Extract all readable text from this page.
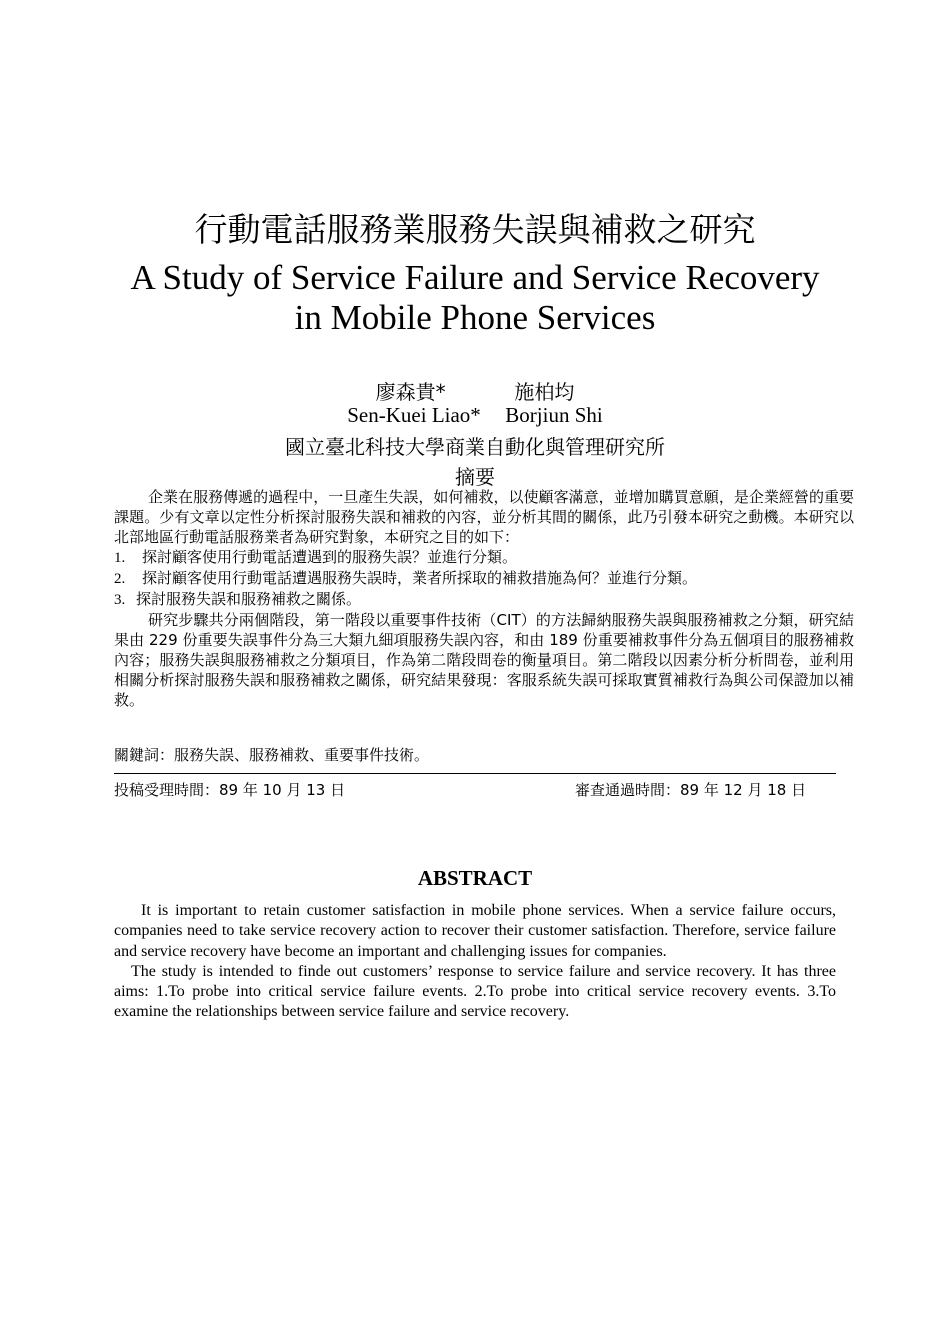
行動電話服務業服務失誤與補救之研究
A Study of Service Failure and Service Recovery
in Mobile Phone Services
廖森貴*	施柏均
Sen-Kuei Liao* Borjiun Shi
國立臺北科技大學商業自動化與管理研究所
摘要

企業在服務傳遞的過程中，一旦產生失誤，如何補救，以使顧客滿意，並增加購買意願，是企業經營的重要課題。少有文章以定性分析探討服務失誤和補救的內容，並分析其間的關係，此乃引發本研究之動機。本研究以北部地區行動電話服務業者為研究對象，本研究之目的如下：

1. 探討顧客使用行動電話遭遇到的服務失誤？並進行分類。
2. 探討顧客使用行動電話遭遇服務失誤時，業者所採取的補救措施為何？並進行分類。
3. 探討服務失誤和服務補救之關係。

研究步驟共分兩個階段，第一階段以重要事件技術（CIT）的方法歸納服務失誤與服務補救之分類，研究結果由 229 份重要失誤事件分為三大類九細項服務失誤內容，和由 189 份重要補救事件分為五個項目的服務補救內容；服務失誤與服務補救之分類項目，作為第二階段問卷的衡量項目。第二階段以因素分析分析問卷，並利用相關分析探討服務失誤和服務補救之關係，研究結果發現：客服系統失誤可採取實質補救行為與公司保證加以補救。

關鍵詞：服務失誤、服務補救、重要事件技術。
投稿受理時間：89 年 10 月 13 日	審查通過時間：89 年 12 月 18 日
ABSTRACT

It is important to retain customer satisfaction in mobile phone services. When a service failure occurs, companies need to take service recovery action to recover their customer satisfaction. Therefore, service failure and service recovery have become an important and challenging issues for companies.

The study is intended to finde out customers’ response to service failure and service recovery. It has three aims: 1.To probe into critical service failure events. 2.To probe into critical service recovery events. 3.To examine the relationships between service failure and service recovery.
